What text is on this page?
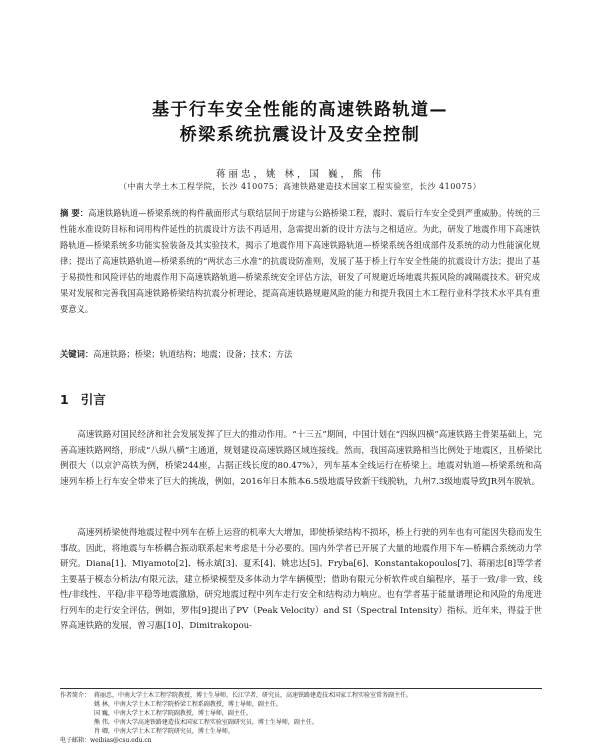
基于行车安全性能的高速铁路轨道—
桥梁系统抗震设计及安全控制
蒋丽忠，姚 林，国 巍，熊 伟
（中南大学土木工程学院，长沙 410075；高速铁路建造技术国家工程实验室，长沙 410075）
摘 要：高速铁路轨道—桥梁系统的构件截面形式与联结层间于房建与公路桥梁工程，震时、震后行车安全受到严重威胁。传统的三性能水准设防目标和词用构件延性的抗震设计方法不再适用，急需提出新的设计方法与之相适应。为此，研发了地震作用下高速铁路轨道—桥梁系统多功能实验装备及其实验技术，揭示了地震作用下高速铁路轨道—桥梁系统各组成部件及系统的动力性能演化规律；提出了高速铁路轨道—桥梁系统的“两状态三水准”的抗震设防准则，发展了基于桥上行车安全性能的抗震设计方法；提出了基于易损性和风险评估的地震作用下高速铁路轨道—桥梁系统安全评估方法，研发了可规避近场地震共振风险的减隔震技术。研究成果对发展和完善我国高速铁路桥梁结构抗震分析理论，提高高速铁路规避风险的能力和提升我国土木工程行业科学技术水平具有重要意义。
关键词：高速铁路；桥梁；轨道结构；地震；设备；技术；方法
1 引言
高速铁路对国民经济和社会发展发挥了巨大的推动作用。“十三五”期间，中国计划在“四纵四横”高速铁路主骨架基础上，完善高速铁路网络，形成“八纵八横”主通道，规划建设高速铁路区域连接线。然而，我国高速铁路相当比例处于地震区，且桥梁比例很大（以京沪高铁为例，桥梁244座，占据正线长度的80.47%），列车基本全线运行在桥梁上。地震对轨道—桥梁系统和高速列车桥上行车安全带来了巨大的挑战，例如，2016年日本熊本6.5级地震导致新干线脱轨，九州7.3级地震导致JR列车脱轨。
高速列桥梁使得地震过程中列车在桥上运营的机率大大增加，即使桥梁结构不损坏，桥上行驶的列车也有可能因失稳而发生事故。因此，将地震与车桥耦合振动联系起来考虑是十分必要的。国内外学者已开展了大量的地震作用下车—桥耦合系统动力学研究。Diana[1]、Miyamoto[2]、杨永斌[3]、夏禾[4]、姚忠达[5]、Fryba[6]、Konstantakopoulos[7]、蒋丽忠[8]等学者主要基于模态分析法/有限元法，建立桥梁模型及多体动力学车辆模型；借助有限元分析软件或自编程序，基于一致/非一致、线性/非线性、平稳/非平稳等地震激励，研究地震过程中列车走行安全和结构动力响应。也有学者基于能量谱理论和风险的角度进行列车的走行安全评估，例如，罗伟[9]提出了PV（Peak Velocity）and SI（Spectral Intensity）指标。近年来，得益于世界高速铁路的发展，曾习惠[10]、Dimitrakopou-
作者简介： 蒋丽忠，中南大学土木工程学院教授，博士生导师，长江学者，研究员，高速铁路建造技术国家工程实验室常务副主任。
姚 林，中南大学土木工程学院桥梁工程系副教授，博士导师，副主任。
国 巍，中南大学土木工程学院副教授，博士导师，副主任。
熊 伟，中南大学高速铁路建造技术国家工程实验室副研究员，博士生导师，副主任。
肖 卿，中南大学土木工程学院研究员，博士生导师。
电子邮箱：weibias@csu.edu.cn
